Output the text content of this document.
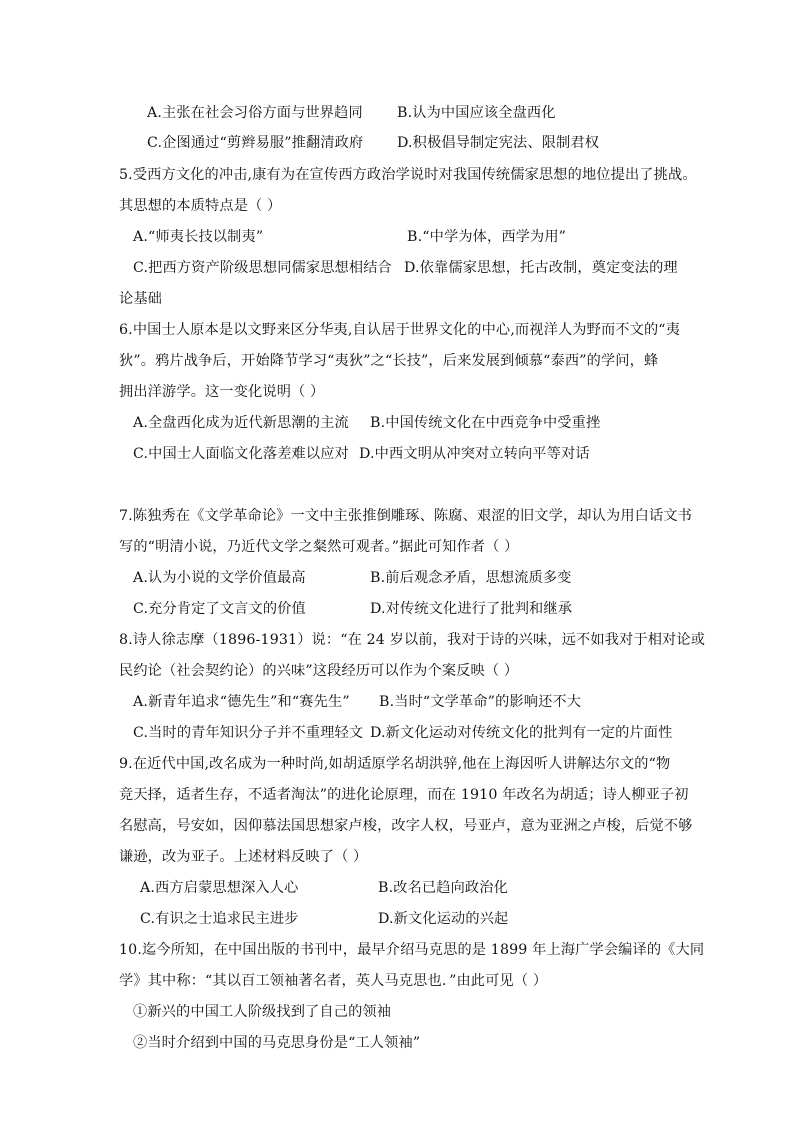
A.主张在社会习俗方面与世界趋同 B.认为中国应该全盘西化
C.企图通过“剪辫易服”推翻清政府 D.积极倡导制定宪法、限制君权
5.受西方文化的冲击,康有为在宣传西方政治学说时对我国传统儒家思想的地位提出了挑战。
其思想的本质特点是（ ）
A.“师夷长技以制夷”	B.“中学为体，西学为用”
C.把西方资产阶级思想同儒家思想相结合 D.依靠儒家思想，托古改制，奠定变法的理
论基础
6.中国士人原本是以文野来区分华夷,自认居于世界文化的中心,而视洋人为野而不文的“夷
狄”。鸦片战争后，开始降节学习“夷狄”之“长技”，后来发展到倾慕“泰西”的学问，蜂
拥出洋游学。这一变化说明（ ）
A.全盘西化成为近代新思潮的主流 B.中国传统文化在中西竞争中受重挫
C.中国士人面临文化落差难以应对 D.中西文明从冲突对立转向平等对话
7.陈独秀在《文学革命论》一文中主张推倒雕琢、陈腐、艰涩的旧文学，却认为用白话文书
写的“明清小说，乃近代文学之粲然可观者。”据此可知作者（ ）
A.认为小说的文学价值最高	B.前后观念矛盾，思想流质多变
C.充分肯定了文言文的价值	D.对传统文化进行了批判和继承
8.诗人徐志摩（1896-1931）说：“在 24 岁以前，我对于诗的兴味，远不如我对于相对论或
民约论（社会契约论）的兴味”这段经历可以作为个案反映（ ）
A.新青年追求“德先生”和“赛先生” B.当时“文学革命”的影响还不大
C.当时的青年知识分子并不重理轻文 D.新文化运动对传统文化的批判有一定的片面性
9.在近代中国,改名成为一种时尚,如胡适原学名胡洪骍,他在上海因听人讲解达尔文的“物
竞天择，适者生存，不适者淘汰”的进化论原理，而在 1910 年改名为胡适；诗人柳亚子初
名慰高，号安如，因仰慕法国思想家卢梭，改字人权，号亚卢，意为亚洲之卢梭，后觉不够
谦逊，改为亚子。上述材料反映了（ ）
A.西方启蒙思想深入人心	B.改名已趋向政治化
C.有识之士追求民主进步	D.新文化运动的兴起
10.迄今所知，在中国出版的书刊中，最早介绍马克思的是 1899 年上海广学会编译的《大同
学》其中称：“其以百工领袖著名者，英人马克思也．”由此可见（ ）
①新兴的中国工人阶级找到了自己的领袖
②当时介绍到中国的马克思身份是“工人领袖”
